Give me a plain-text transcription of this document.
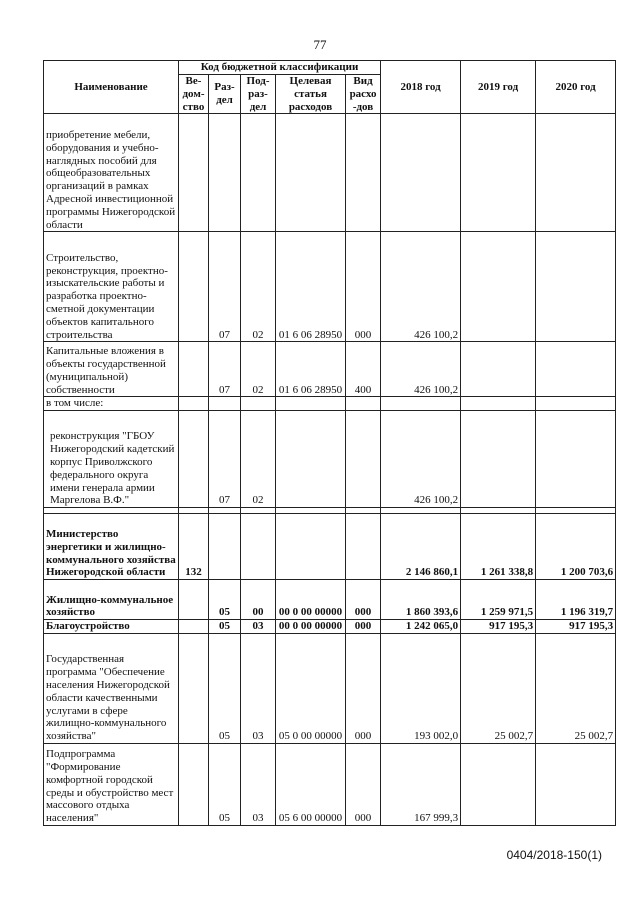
77
Наименование	Код бюджетной классификации					2018 год	2019 год	2020 год
	Ве-дом-ство	Раз-дел	Под-раз-дел	Целевая статья расходов	Вид расхо-дов			
приобретение мебели, оборудования и учебно-наглядных пособий для общеобразовательных организаций в рамках Адресной инвестиционной программы Нижегородской области								
Строительство, реконструкция, проектно-изыскательские работы и разработка проектно-сметной документации объектов капитального строительства		07	02	01 6 06 28950	000	426 100,2		
Капитальные вложения в объекты государственной (муниципальной) собственности		07	02	01 6 06 28950	400	426 100,2		
в том числе:								
реконструкция "ГБОУ Нижегородский кадетский корпус Приволжского федерального округа имени генерала армии Маргелова В.Ф."		07	02			426 100,2		

Министерство энергетики и жилищно-коммунального хозяйства Нижегородской области	132					2 146 860,1	1 261 338,8	1 200 703,6
Жилищно-коммунальное хозяйство		05	00	00 0 00 00000	000	1 860 393,6	1 259 971,5	1 196 319,7
Благоустройство		05	03	00 0 00 00000	000	1 242 065,0	917 195,3	917 195,3
Государственная программа "Обеспечение населения Нижегородской области качественными услугами в сфере жилищно-коммунального хозяйства"		05	03	05 0 00 00000	000	193 002,0	25 002,7	25 002,7
Подпрограмма "Формирование комфортной городской среды и обустройство мест массового отдыха населения"		05	03	05 6 00 00000	000	167 999,3		
0404/2018-150(1)
